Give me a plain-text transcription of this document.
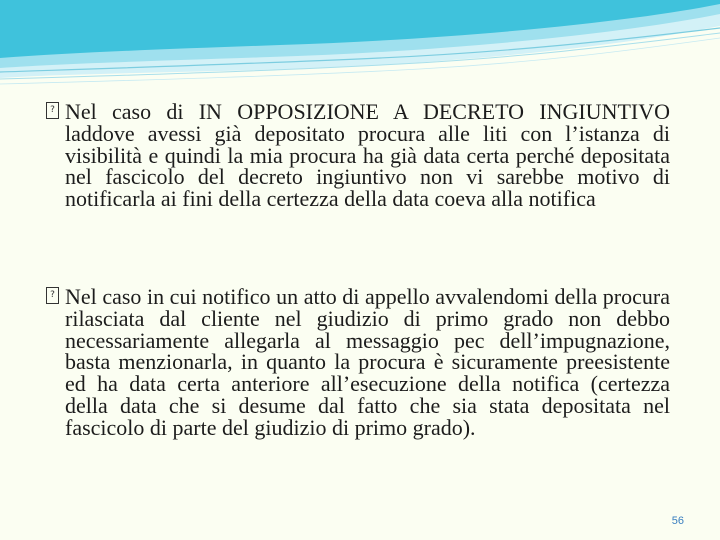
? Nel caso di IN OPPOSIZIONE A DECRETO INGIUNTIVO laddove avessi già depositato procura alle liti con l’istanza di visibilità e quindi la mia procura ha già data certa perché depositata nel fascicolo del decreto ingiuntivo non vi sarebbe motivo di notificarla ai fini della certezza della data coeva alla notifica
? Nel caso in cui notifico un atto di appello avvalendomi della procura rilasciata dal cliente nel giudizio di primo grado non debbo necessariamente allegarla al messaggio pec dell’impugnazione, basta menzionarla, in quanto la procura è sicuramente preesistente ed ha data certa anteriore all’esecuzione della notifica (certezza della data che si desume dal fatto che sia stata depositata nel fascicolo di parte del giudizio di primo grado).
56
